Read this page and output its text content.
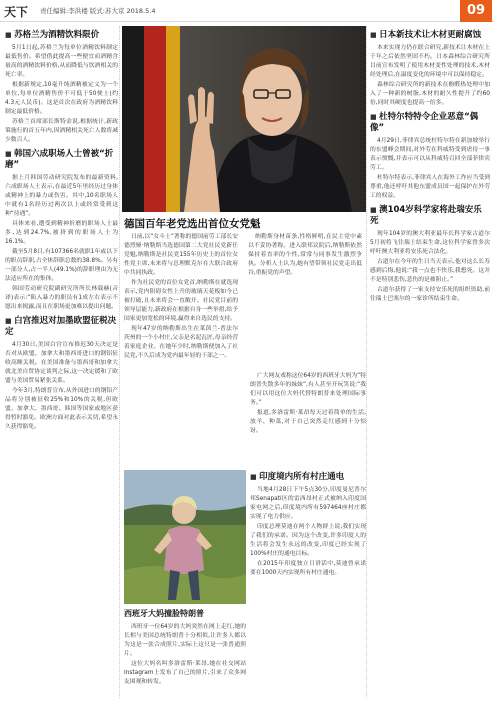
天下 责任编辑:李洪楼 版式:苏大京 2018.5.4	09
■ 苏格兰为酒精饮料限价

5月1日起,苏格兰为每单位酒精饮料制定最低售价。希望借此提高一些便宜而酒精含量高的酒精饮料价格,从而降低与饮酒相关的死亡率。

根据新规定,10毫升纯酒精被定义为一个单位,每单位酒精售价不可低于50便士(约4.3元人民币)。这是首次在政府为酒精饮料制定最低价格。

苏格兰首席部长斯特金说,根据统计,新政策施行的首五年内,因酒精相关死亡人数将减少数百人。

■ 韩国六成职场人士曾被“折磨”

据上月韩国劳动研究院发布的最新资料,六成职场人士表示,在最近5年里经历过身体或精神上的暴力或伤害。其中,10名职场人中就有1名经历过两次以上或经常受到这种“待遇”。

具体来看,遭受到精神折磨的职场人士最多,达到24.7%,被挤到的职场人士为16.1%。

截至5月8日,有107366名就职1年或以下的职员辞职,占全体辞职总数的38.8%。另有一部分人,占一半人(49.1%)的辞职理由为无法适应所在的集体。

韩国劳动研究院副研究所所长林载赫(音译)表示:“陷入暴力的职员有1成左右表示不愿出来揭露,而且在职场更加难以提出问题。

■ 白宫推迟对加墨欧盟征税决定

4月30日,美国白宫宣布推迟30天决定是否对从欧盟、加拿大和墨西哥进口的钢铝征收高额关税。在美国准备与墨西哥和加拿大就北美自贸协定谈判之际,这一决定缓和了欧盟与美国贸易紧张关系。

今年3月,特朗普宣布,从外国进口的钢铝产品将分别被征收25%和10%的关税,但欧盟、加拿大、墨西哥、韩国等国家或地区获得暂时豁免。欧洲方面对此表示关切,希望永久获得豁免。

德国百年老党选出首位女党魁

日前,以“女斗士”著称的德国前劳工部长安德烈娅·纳勒斯当选德国第二大党社民党新任党魁,纳勒斯是社民党155年历史上的首位女性党主席,未来将与总理默克尔在大联合政府中共同执政。

作为社民党的首位女党首,纳勒斯在就选现表示,党内阻碍女性上升的玻璃天花板如今已被打破,且未来将会一直敞开。社民党目前的领导层能力,新政府在根据自身一些举措,给予国家更加宽松的环境,赢得来自选民的支持。

现年47岁的纳勒斯出生在莱茵兰-普法尔茨州的一个小村庄,父亲是名泥瓦匠,母亲经营着家庭企业。在她年少时,纳勒斯便加入了社民党,不久后成为党内最年轻的干部之一。

纳勒斯身材苗条,性格鲜明,在民主党中素以不妥协著称。进入联邦议院后,纳勒斯依然保持着直率的个性,常常与同事发生激烈争执。分析人士认为,她有望带领社民党走出低谷,重振党的声望。

广大网友戏称这位64岁的西班牙大妈为“特朗普失散多年的妹妹”,有人甚至开玩笑说:“我们可以用这位大妈代替特朗普来处理国际事务。”

报道,多洛雷斯·莱昂每天过着简单的生活,放羊、种菜,对于自己突然走红感到十分惊讶。

西班牙大妈撞脸特朗普

西班牙一位64岁的大妈突然在网上走红,她的长相与美国总统特朗普十分相似,让许多人都以为这是一张合成照片,实际上这只是一张普通照片。

这位大妈名叫多洛雷斯·莱昂,她在社交网站Instagram上发布了自己的照片,引来了众多网友围观和转发。

■ 印度境内所有村庄通电

当地4月28日下午5点30分,印度曼尼普尔邦Senapati区的雷西昂村正式被纳入印度国家电网之后,印度境内所有597464座村庄都实现了电力供应。

印度总理莫迪在两个人物群上说,我们实现了我们的承诺。因为这个改变,许多印度人的生活将会发生永远的改变,印度已经实现了100%村庄的通电目标。

在2015年印度独立日讲话中,莫迪曾承诺要在1000天内实现所有村庄通电。

■ 日本新技术让木材更耐腐蚀

本来实现力仍在联合研究,新技术让木材在上千年之后依然坚固不朽。日本森林综合研究所目前宣布发明了使用木材变性处理的技术,木材经处理后,在温度变化的环境中可以保持稳定。

森林综合研究所的新技术在酚醛热处理中加入了一种新的树脂,木材的耐久性提升了约60倍,同时其硬度也提高一倍多。

■ 杜特尔特特令企业恶意“偶像”

4月29日,菲律宾总统杜特尔特在新加坡举行的东盟峰会期间,对外劳在科威特受到虐待一事表示愤慨,并表示可以从科威特召回全部菲律宾劳工。

杜特尔特表示,菲律宾人在海外工作应当受到尊重,他还呼吁其他东盟成员国一起保护在外劳工的权益。

■ 澳104岁科学家将赴瑞安乐死

现年104岁的澳大利亚最年长科学家古道尔5月初将飞往瑞士结束生命,这位科学家曾多次呼吁澳大利亚将安乐死合法化。

古道尔在今年的生日当天表示,他对这么长寿感到后悔,他说:“我一点也不快乐,我想死。这并不是特别悲伤,悲伤的是被阻止。”

古道尔获得了一家支持安乐死的组织资助,前往瑞士巴塞尔的一家诊所结束生命。
